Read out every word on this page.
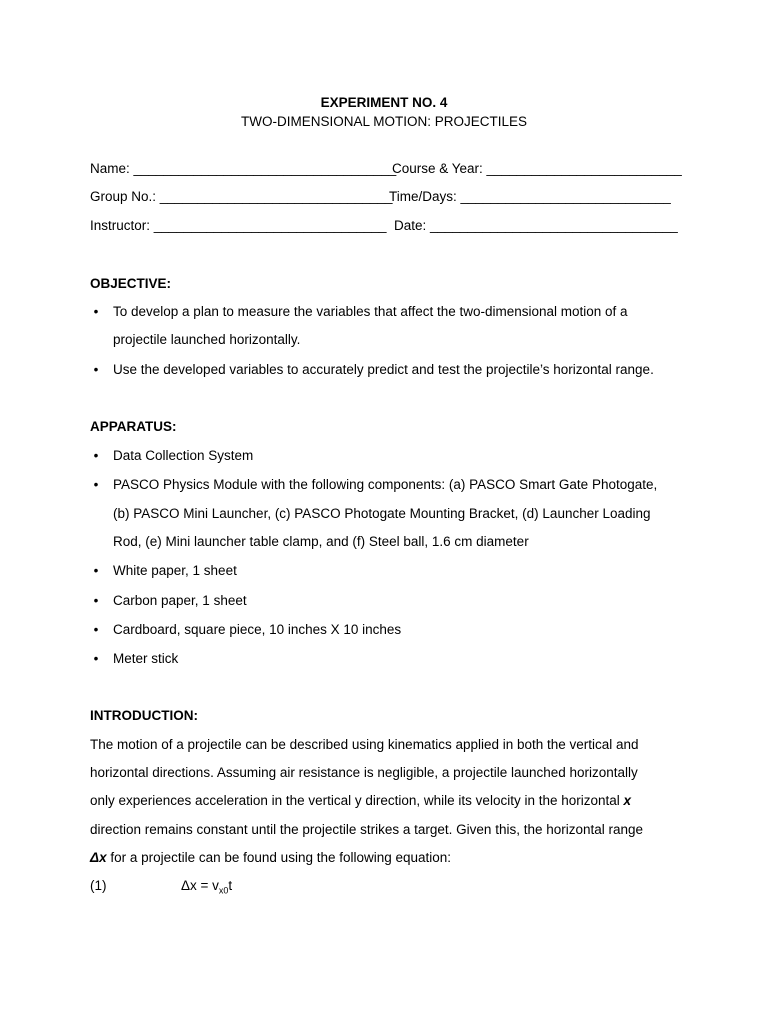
EXPERIMENT NO. 4
TWO-DIMENSIONAL MOTION: PROJECTILES
Name: ___________________________________
Course & Year: __________________________
Group No.: _______________________________
Time/Days: ____________________________
Instructor: _______________________________ Date: _________________________________
OBJECTIVE:
• To develop a plan to measure the variables that affect the two-dimensional motion of a
projectile launched horizontally.
• Use the developed variables to accurately predict and test the projectile’s horizontal range.
APPARATUS:
• Data Collection System
• PASCO Physics Module with the following components: (a) PASCO Smart Gate Photogate,
(b) PASCO Mini Launcher, (c) PASCO Photogate Mounting Bracket, (d) Launcher Loading
Rod, (e) Mini launcher table clamp, and (f) Steel ball, 1.6 cm diameter
• White paper, 1 sheet
• Carbon paper, 1 sheet
• Cardboard, square piece, 10 inches X 10 inches
• Meter stick
INTRODUCTION:
The motion of a projectile can be described using kinematics applied in both the vertical and
horizontal directions. Assuming air resistance is negligible, a projectile launched horizontally
only experiences acceleration in the vertical y direction, while its velocity in the horizontal x
direction remains constant until the projectile strikes a target. Given this, the horizontal range
Δx for a projectile can be found using the following equation:
(1)	$\Delta x = v_{x0}t$
